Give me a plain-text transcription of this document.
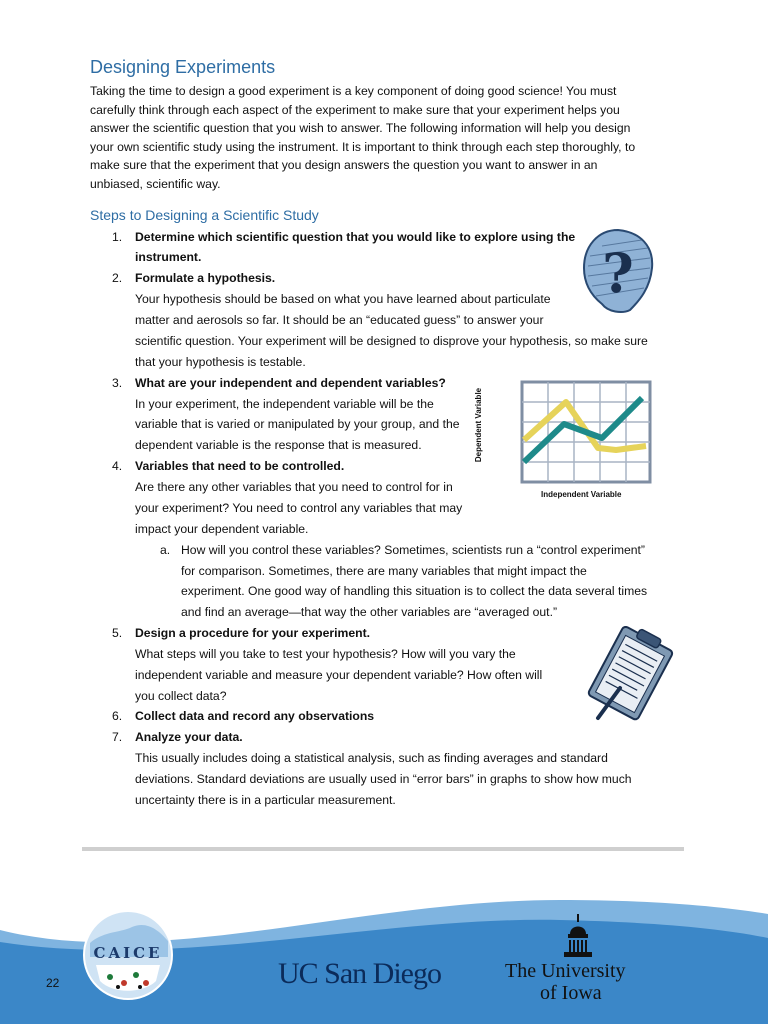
Designing Experiments
Taking the time to design a good experiment is a key component of doing good science! You must
carefully think through each aspect of the experiment to make sure that your experiment helps you
answer the scientific question that you wish to answer. The following information will help you design
your own scientific study using the instrument. It is important to think through each step thoroughly, to
make sure that the experiment that you design answers the question you want to answer in an
unbiased, scientific way.
Steps to Designing a Scientific Study
1. Determine which scientific question that you would like to explore using the
instrument.
2. Formulate a hypothesis.
Your hypothesis should be based on what you have learned about particulate
matter and aerosols so far. It should be an “educated guess” to answer your
scientific question. Your experiment will be designed to disprove your hypothesis, so make sure
that your hypothesis is testable.
3. What are your independent and dependent variables?
In your experiment, the independent variable will be the
variable that is varied or manipulated by your group, and the
dependent variable is the response that is measured.
4. Variables that need to be controlled.
Are there any other variables that you need to control for in
your experiment? You need to control any variables that may
impact your dependent variable.
a. How will you control these variables? Sometimes, scientists run a “control experiment”
for comparison. Sometimes, there are many variables that might impact the
experiment. One good way of handling this situation is to collect the data several times
and find an average—that way the other variables are “averaged out.”
5. Design a procedure for your experiment.
What steps will you take to test your hypothesis? How will you vary the
independent variable and measure your dependent variable? How often will
you collect data?
6. Collect data and record any observations
7. Analyze your data.
This usually includes doing a statistical analysis, such as finding averages and standard
deviations. Standard deviations are usually used in “error bars” in graphs to show how much
uncertainty there is in a particular measurement.
?
Dependent Variable
Independent Variable
CAICE
22	UC San Diego	The University
of Iowa
